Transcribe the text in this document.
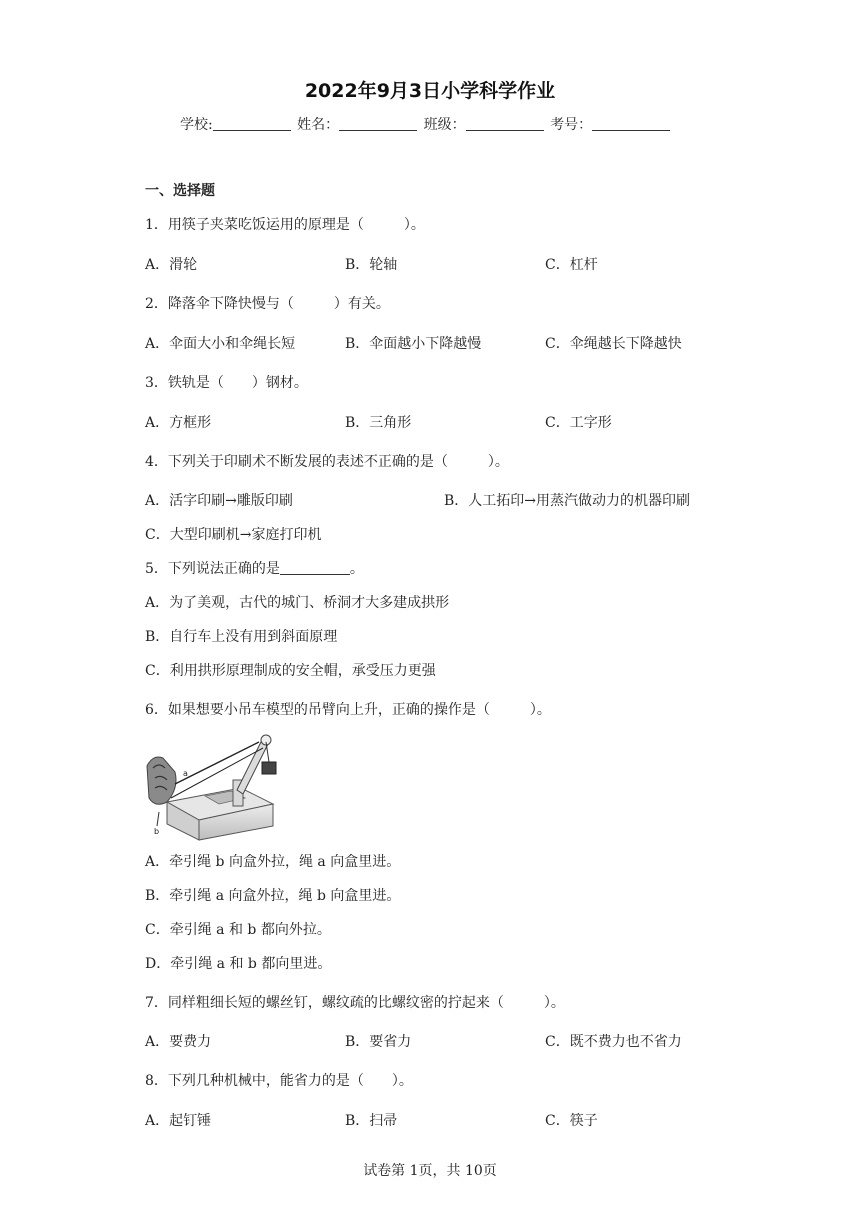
2022年9月3日小学科学作业
学校:	姓名：	班级：	考号：
一、选择题
1．用筷子夹菜吃饭运用的原理是（	）。
A．滑轮	B．轮轴	C．杠杆
2．降落伞下降快慢与（	）有关。
A．伞面大小和伞绳长短	B．伞面越小下降越慢	C．伞绳越长下降越快
3．铁轨是（ ）钢材。
A．方框形	B．三角形	C．工字形
4．下列关于印刷术不断发展的表述不正确的是（	）。
A．活字印刷→雕版印刷	B．人工拓印→用蒸汽做动力的机器印刷
C．大型印刷机→家庭打印机
5．下列说法正确的是	。
A．为了美观，古代的城门、桥洞才大多建成拱形
B．自行车上没有用到斜面原理
C．利用拱形原理制成的安全帽，承受压力更强
6．如果想要小吊车模型的吊臂向上升，正确的操作是（	）。
a
b
A．牵引绳 b 向盒外拉，绳 a 向盒里进。
B．牵引绳 a 向盒外拉，绳 b 向盒里进。
C．牵引绳 a 和 b 都向外拉。
D．牵引绳 a 和 b 都向里进。
7．同样粗细长短的螺丝钉，螺纹疏的比螺纹密的拧起来（	）。
A．要费力	B．要省力	C．既不费力也不省力
8．下列几种机械中，能省力的是（ ）。
A．起钉锤	B．扫帚	C．筷子
试卷第 1页，共 10页
